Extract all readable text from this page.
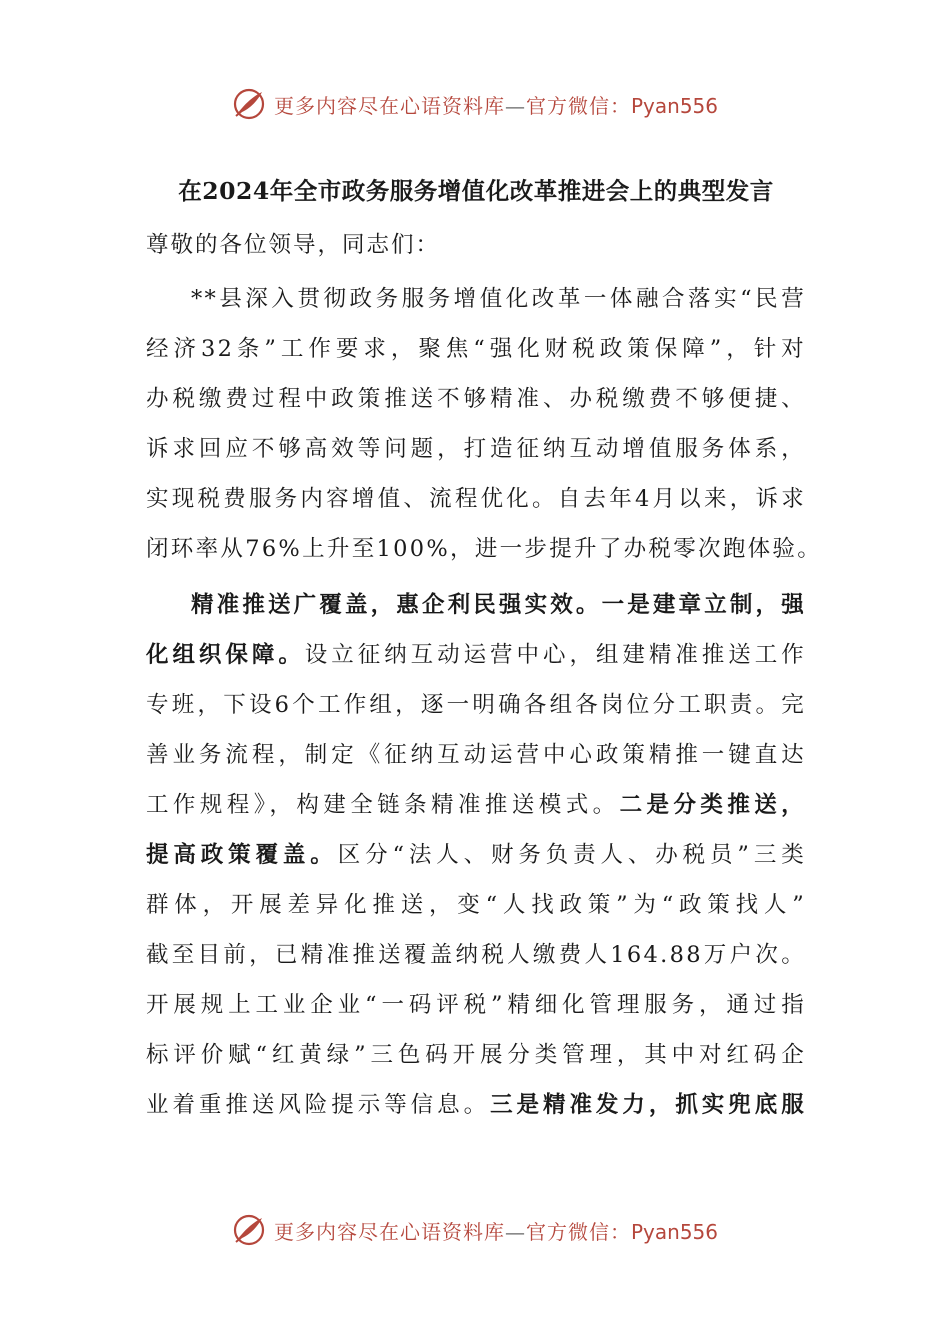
更多内容尽在心语资料库—官方微信：Pyan556
在2024年全市政务服务增值化改革推进会上的典型发言
尊敬的各位领导，同志们：
**县深入贯彻政务服务增值化改革一体融合落实“民营
经济32条”工作要求，聚焦“强化财税政策保障”，针对
办税缴费过程中政策推送不够精准、办税缴费不够便捷、
诉求回应不够高效等问题，打造征纳互动增值服务体系，
实现税费服务内容增值、流程优化。自去年4月以来，诉求
闭环率从76%上升至100%，进一步提升了办税零次跑体验。
精准推送广覆盖，惠企利民强实效。一是建章立制，强
化组织保障。设立征纳互动运营中心，组建精准推送工作
专班，下设6个工作组，逐一明确各组各岗位分工职责。完
善业务流程，制定《征纳互动运营中心政策精推一键直达
工作规程》，构建全链条精准推送模式。二是分类推送，
提高政策覆盖。区分“法人、财务负责人、办税员”三类
群体，开展差异化推送，变“人找政策”为“政策找人”
截至目前，已精准推送覆盖纳税人缴费人164.88万户次。
开展规上工业企业“一码评税”精细化管理服务，通过指
标评价赋“红黄绿”三色码开展分类管理，其中对红码企
业着重推送风险提示等信息。三是精准发力，抓实兜底服
更多内容尽在心语资料库—官方微信：Pyan556
